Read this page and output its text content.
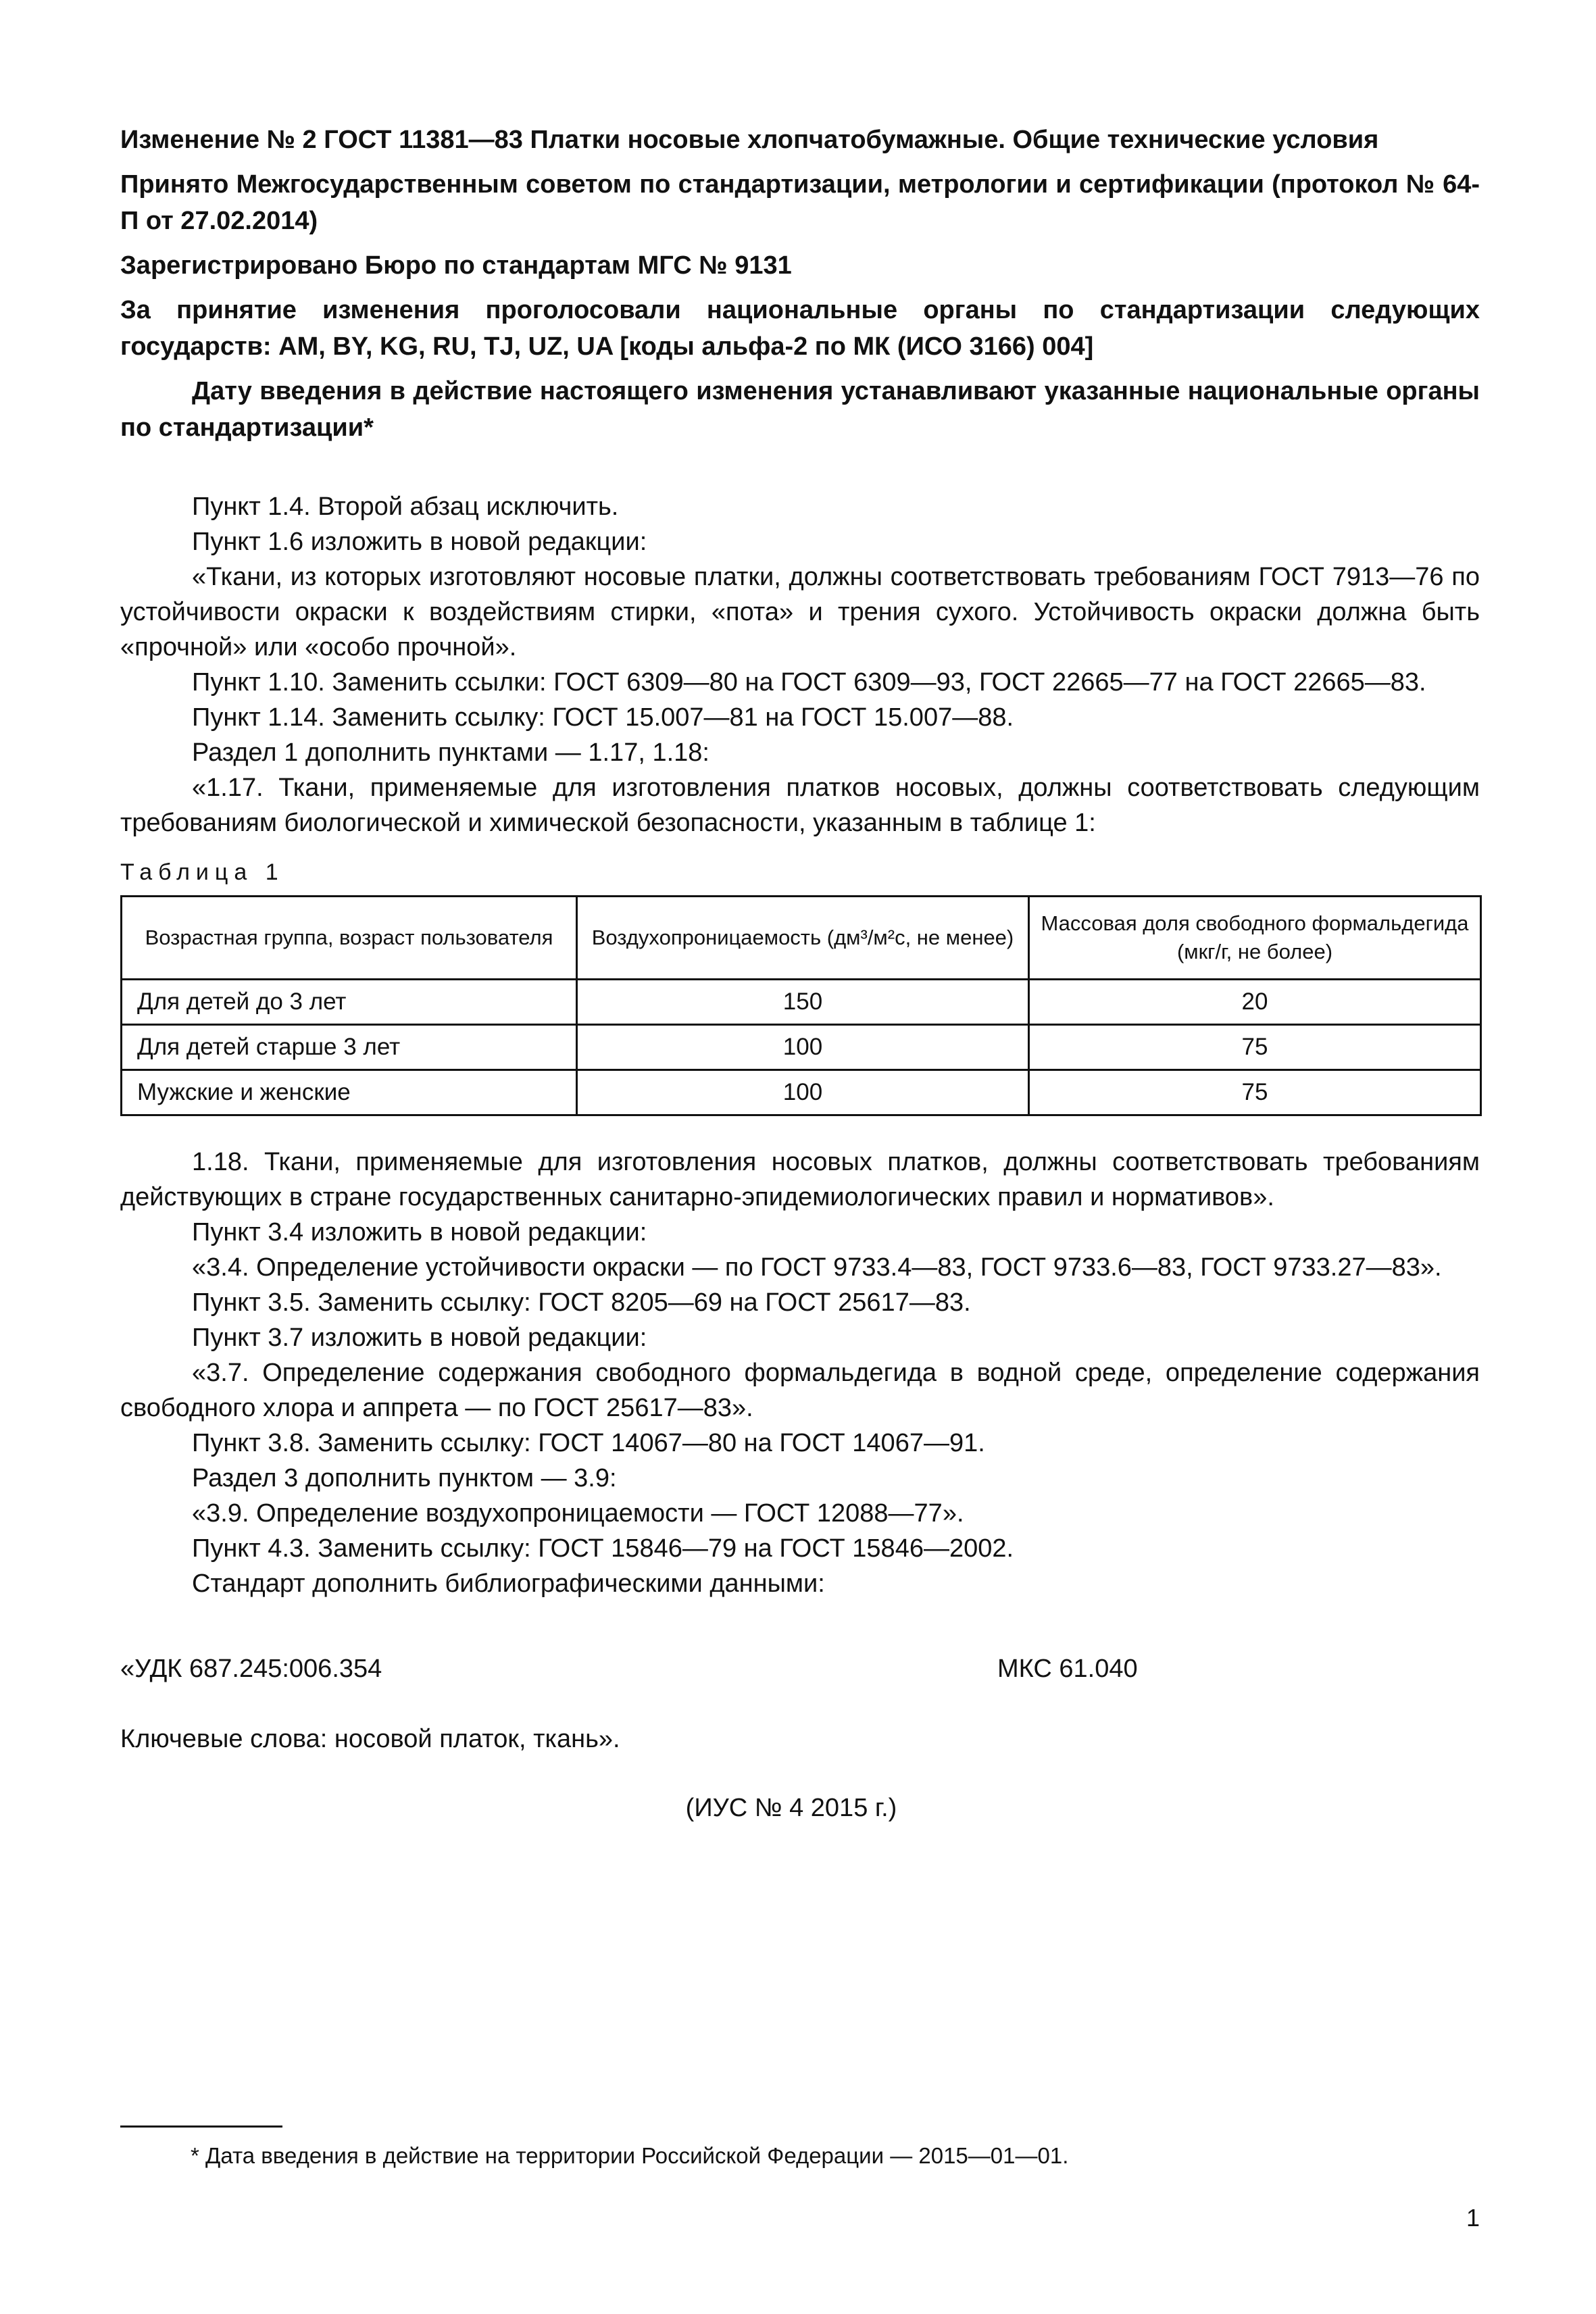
Изменение № 2 ГОСТ 11381—83 Платки носовые хлопчатобумажные. Общие технические условия

Принято Межгосударственным советом по стандартизации, метрологии и сертификации (протокол № 64-П от 27.02.2014)

Зарегистрировано Бюро по стандартам МГС № 9131

За принятие изменения проголосовали национальные органы по стандартизации следующих государств: AM, BY, KG, RU, TJ, UZ, UA [коды альфа-2 по МК (ИСО 3166) 004]

Дату введения в действие настоящего изменения устанавливают указанные национальные органы по стандартизации*

Пункт 1.4. Второй абзац исключить.

Пункт 1.6 изложить в новой редакции:

«Ткани, из которых изготовляют носовые платки, должны соответствовать требованиям ГОСТ 7913—76 по устойчивости окраски к воздействиям стирки, «пота» и трения сухого. Устойчивость окраски должна быть «прочной» или «особо прочной».

Пункт 1.10. Заменить ссылки: ГОСТ 6309—80 на ГОСТ 6309—93, ГОСТ 22665—77 на ГОСТ 22665—83.

Пункт 1.14. Заменить ссылку: ГОСТ 15.007—81 на ГОСТ 15.007—88.

Раздел 1 дополнить пунктами — 1.17, 1.18:

«1.17. Ткани, применяемые для изготовления платков носовых, должны соответствовать следующим требованиям биологической и химической безопасности, указанным в таблице 1:

Таблица 1
Возрастная группа, возраст пользователя	Воздухопроницаемость (дм³/м²с, не менее)	Массовая доля свободного формальдегида (мкг/г, не более)
Для детей до 3 лет	150	20
Для детей старше 3 лет	100	75
Мужские и женские	100	75

1.18. Ткани, применяемые для изготовления носовых платков, должны соответствовать требованиям действующих в стране государственных санитарно-эпидемиологических правил и нормативов».

Пункт 3.4 изложить в новой редакции:

«3.4. Определение устойчивости окраски — по ГОСТ 9733.4—83, ГОСТ 9733.6—83, ГОСТ 9733.27—83».

Пункт 3.5. Заменить ссылку: ГОСТ 8205—69 на ГОСТ 25617—83.

Пункт 3.7 изложить в новой редакции:

«3.7. Определение содержания свободного формальдегида в водной среде, определение содержания свободного хлора и аппрета — по ГОСТ 25617—83».

Пункт 3.8. Заменить ссылку: ГОСТ 14067—80 на ГОСТ 14067—91.

Раздел 3 дополнить пунктом — 3.9:

«3.9. Определение воздухопроницаемости — ГОСТ 12088—77».

Пункт 4.3. Заменить ссылку: ГОСТ 15846—79 на ГОСТ 15846—2002.

Стандарт дополнить библиографическими данными:

«УДК 687.245:006.354	МКС 61.040
Ключевые слова: носовой платок, ткань».
(ИУС № 4 2015 г.)
* Дата введения в действие на территории Российской Федерации — 2015—01—01.
1
